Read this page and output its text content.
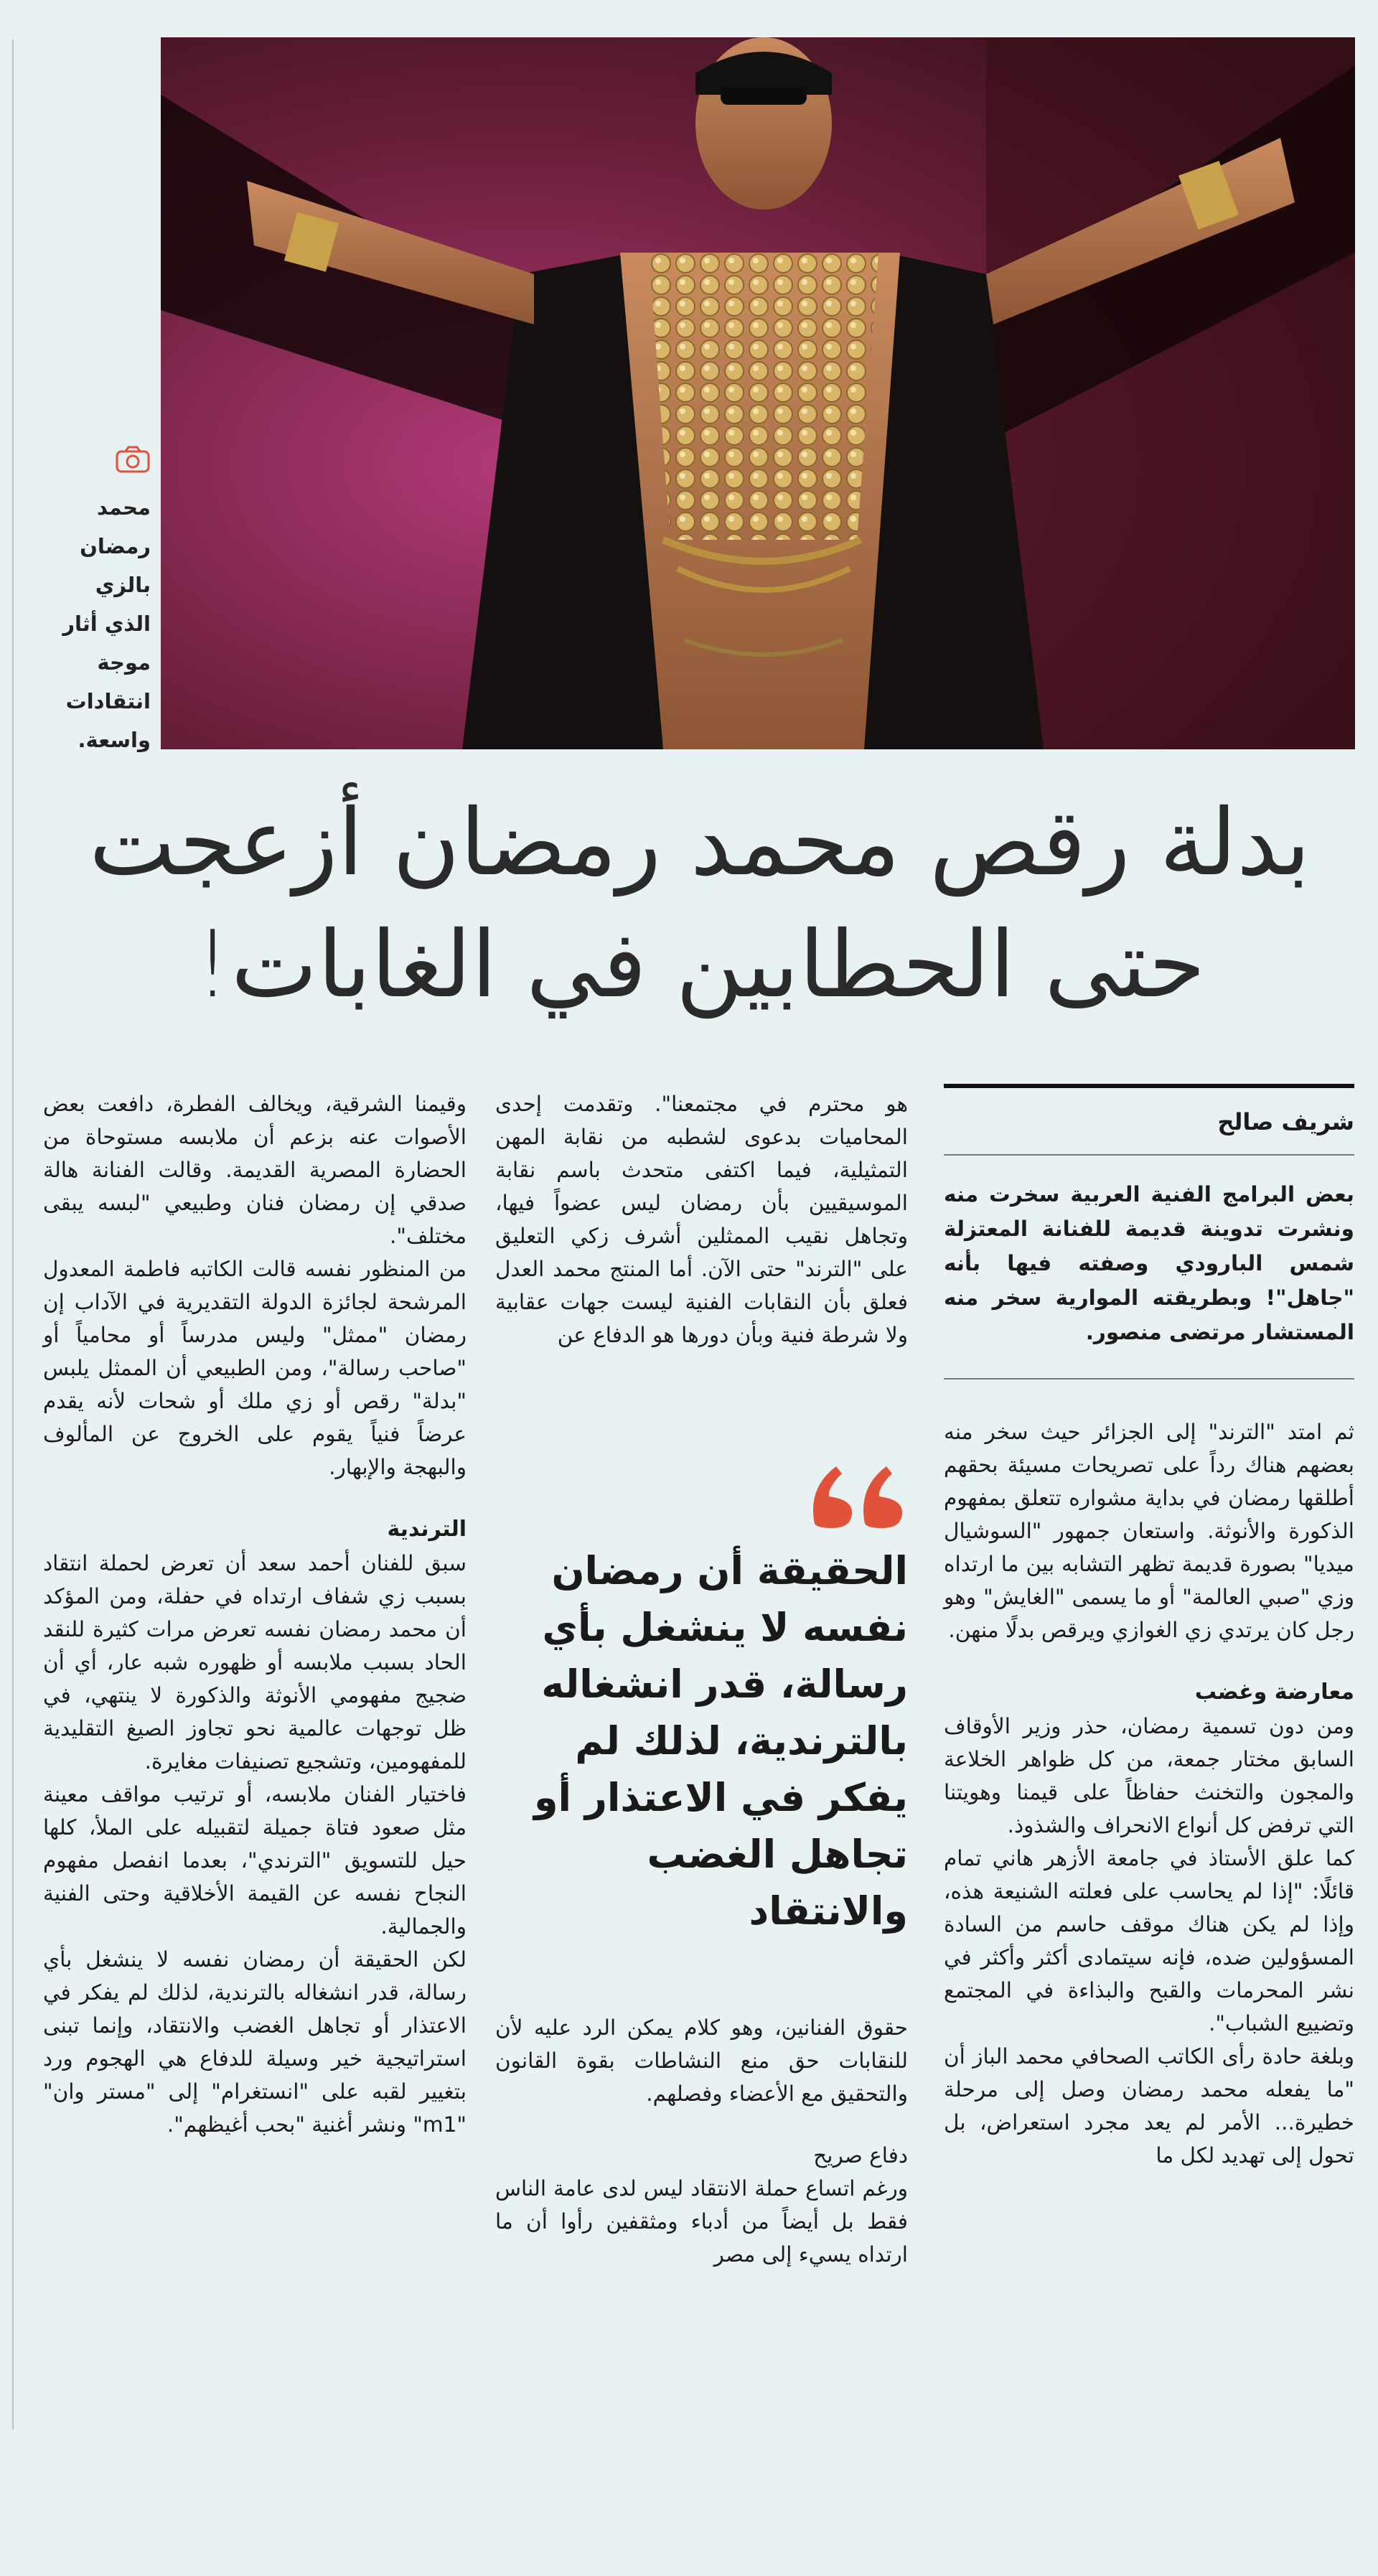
محمد رمضان بالزي الذي أثار موجة انتقادات واسعة.
بدلة رقص محمد رمضان أزعجت حتى الحطابين في الغابات!
شريف صالح
بعض البرامج الفنية العربية سخرت منه ونشرت تدوينة قديمة للفنانة المعتزلة شمس البارودي وصفته فيها بأنه "جاهل"! وبطريقته الموارية سخر منه المستشار مرتضى منصور.

ثم امتد "الترند" إلى الجزائر حيث سخر منه بعضهم هناك رداً على تصريحات مسيئة بحقهم أطلقها رمضان في بداية مشواره تتعلق بمفهوم الذكورة والأنوثة. واستعان جمهور "السوشيال ميديا" بصورة قديمة تظهر التشابه بين ما ارتداه وزي "صبي العالمة" أو ما يسمى "الغايش" وهو رجل كان يرتدي زي الغوازي ويرقص بدلًا منهن.

معارضة وغضب

ومن دون تسمية رمضان، حذر وزير الأوقاف السابق مختار جمعة، من كل ظواهر الخلاعة والمجون والتخنث حفاظاً على قيمنا وهويتنا التي ترفض كل أنواع الانحراف والشذوذ.

كما علق الأستاذ في جامعة الأزهر هاني تمام قائلًا: "إذا لم يحاسب على فعلته الشنيعة هذه، وإذا لم يكن هناك موقف حاسم من السادة المسؤولين ضده، فإنه سيتمادى أكثر وأكثر في نشر المحرمات والقبح والبذاءة في المجتمع وتضييع الشباب".

وبلغة حادة رأى الكاتب الصحافي محمد الباز أن "ما يفعله محمد رمضان وصل إلى مرحلة خطيرة... الأمر لم يعد مجرد استعراض، بل تحول إلى تهديد لكل ما

هو محترم في مجتمعنا". وتقدمت إحدى المحاميات بدعوى لشطبه من نقابة المهن التمثيلية، فيما اكتفى متحدث باسم نقابة الموسيقيين بأن رمضان ليس عضواً فيها، وتجاهل نقيب الممثلين أشرف زكي التعليق على "الترند" حتى الآن. أما المنتج محمد العدل فعلق بأن النقابات الفنية ليست جهات عقابية ولا شرطة فنية وبأن دورها هو الدفاع عن

الحقيقة أن رمضان نفسه لا ينشغل بأي رسالة، قدر انشغاله بالترندية، لذلك لم يفكر في الاعتذار أو تجاهل الغضب والانتقاد

حقوق الفنانين، وهو كلام يمكن الرد عليه لأن للنقابات حق منع النشاطات بقوة القانون والتحقيق مع الأعضاء وفصلهم.

دفاع صريح

ورغم اتساع حملة الانتقاد ليس لدى عامة الناس فقط بل أيضاً من أدباء ومثقفين رأوا أن ما ارتداه يسيء إلى مصر

وقيمنا الشرقية، ويخالف الفطرة، دافعت بعض الأصوات عنه بزعم أن ملابسه مستوحاة من الحضارة المصرية القديمة. وقالت الفنانة هالة صدقي إن رمضان فنان وطبيعي "لبسه يبقى مختلف".

من المنظور نفسه قالت الكاتبه فاطمة المعدول المرشحة لجائزة الدولة التقديرية في الآداب إن رمضان "ممثل" وليس مدرساً أو محامياً أو "صاحب رسالة"، ومن الطبيعي أن الممثل يلبس "بدلة" رقص أو زي ملك أو شحات لأنه يقدم عرضاً فنياً يقوم على الخروج عن المألوف والبهجة والإبهار.

الترندية

سبق للفنان أحمد سعد أن تعرض لحملة انتقاد بسبب زي شفاف ارتداه في حفلة، ومن المؤكد أن محمد رمضان نفسه تعرض مرات كثيرة للنقد الحاد بسبب ملابسه أو ظهوره شبه عار، أي أن ضجيج مفهومي الأنوثة والذكورة لا ينتهي، في ظل توجهات عالمية نحو تجاوز الصيغ التقليدية للمفهومين، وتشجيع تصنيفات مغايرة.

فاختيار الفنان ملابسه، أو ترتيب مواقف معينة مثل صعود فتاة جميلة لتقبيله على الملأ، كلها حيل للتسويق "الترندي"، بعدما انفصل مفهوم النجاح نفسه عن القيمة الأخلاقية وحتى الفنية والجمالية.

لكن الحقيقة أن رمضان نفسه لا ينشغل بأي رسالة، قدر انشغاله بالترندية، لذلك لم يفكر في الاعتذار أو تجاهل الغضب والانتقاد، وإنما تبنى استراتيجية خير وسيلة للدفاع هي الهجوم ورد بتغيير لقبه على "انستغرام" إلى "مستر وان" "m1" ونشر أغنية "بحب أغيظهم".
